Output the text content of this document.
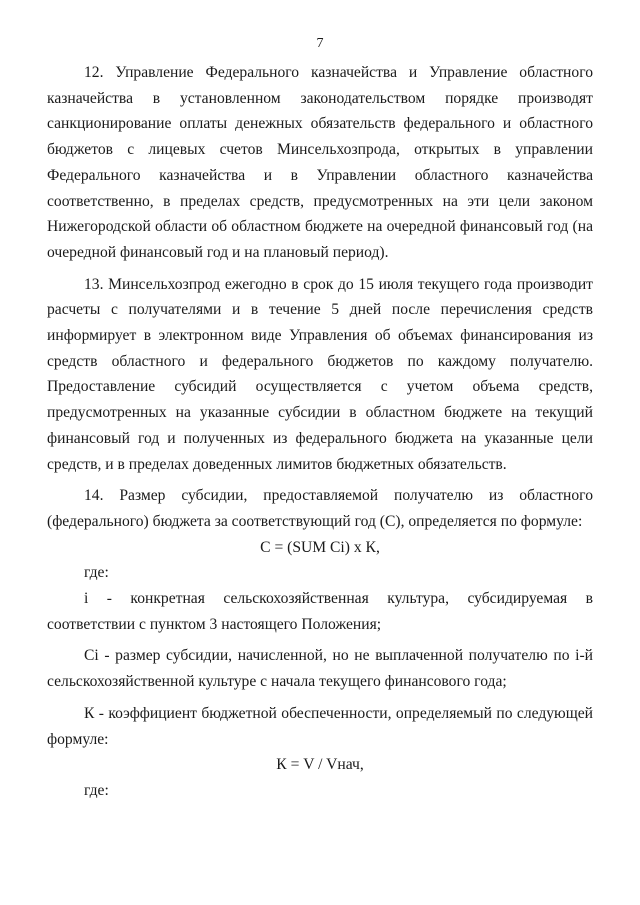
7

12. Управление Федерального казначейства и Управление областного казначейства в установленном законодательством порядке производят санкционирование оплаты денежных обязательств федерального и областного бюджетов с лицевых счетов Минсельхозпрода, открытых в управлении Федерального казначейства и в Управлении областного казначейства соответственно, в пределах средств, предусмотренных на эти цели законом Нижегородской области об областном бюджете на очередной финансовый год (на очередной финансовый год и на плановый период).

13. Минсельхозпрод ежегодно в срок до 15 июля текущего года производит расчеты с получателями и в течение 5 дней после перечисления средств информирует в электронном виде Управления об объемах финансирования из средств областного и федерального бюджетов по каждому получателю. Предоставление субсидий осуществляется с учетом объема средств, предусмотренных на указанные субсидии в областном бюджете на текущий финансовый год и полученных из федерального бюджета на указанные цели средств, и в пределах доведенных лимитов бюджетных обязательств.

14. Размер субсидии, предоставляемой получателю из областного (федерального) бюджета за соответствующий год (С), определяется по формуле:

С = (SUM Ci) х К,

где:

i - конкретная сельскохозяйственная культура, субсидируемая в соответствии с пунктом 3 настоящего Положения;

Ci - размер субсидии, начисленной, но не выплаченной получателю по i-й сельскохозяйственной культуре с начала текущего финансового года;

К - коэффициент бюджетной обеспеченности, определяемый по следующей формуле:

К = V / Vнач,

где:
